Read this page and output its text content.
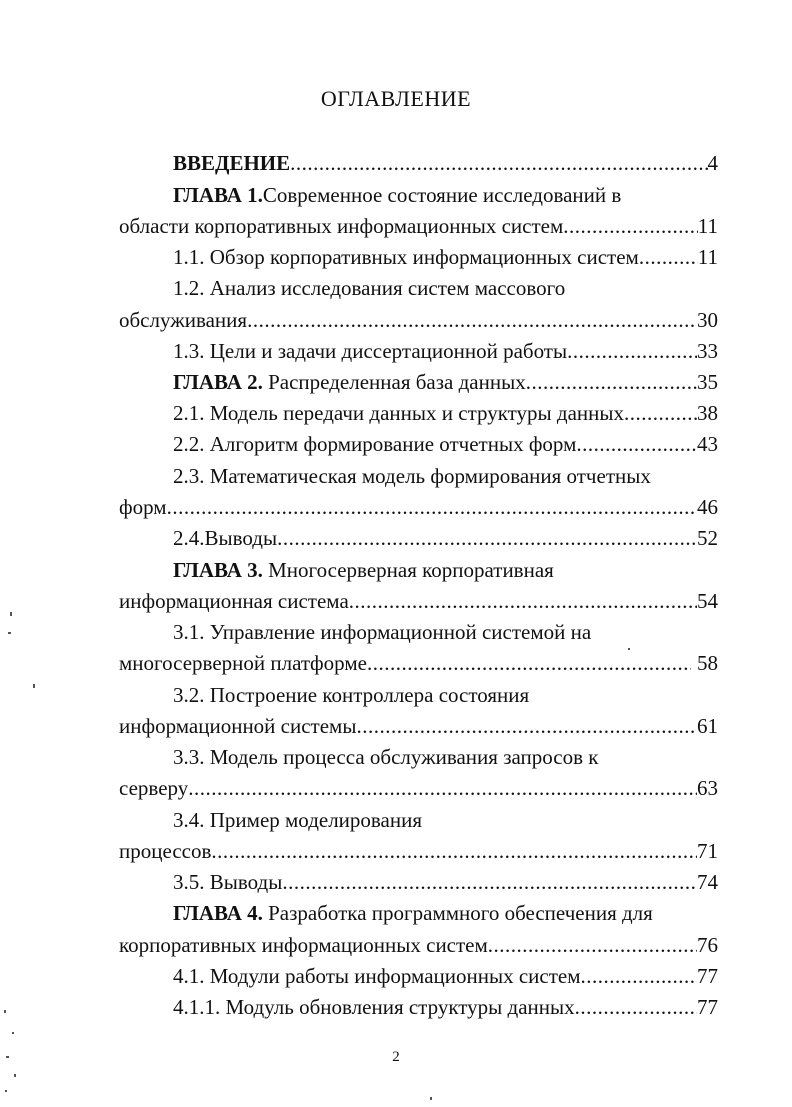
ОГЛАВЛЕНИЕ
ВВЕДЕНИЕ .....	4
ГЛАВА 1.Современное состояние исследований в
области корпоративных информационных систем .....	11
1.1. Обзор корпоративных информационных систем .....	11
1.2. Анализ исследования систем массового
обслуживания .....	30
1.3. Цели и задачи диссертационной работы .....	33
ГЛАВА 2. Распределенная база данных .....	35
2.1. Модель передачи данных и структуры данных .....	38
2.2. Алгоритм формирование отчетных форм .....	43
2.3. Математическая модель формирования отчетных
форм .....	46
2.4.Выводы .....	52
ГЛАВА 3. Многосерверная корпоративная
информационная система .....	54
3.1. Управление информационной системой на
многосерверной платформе .....	58
3.2. Построение контроллера состояния
информационной системы .....	61
3.3. Модель процесса обслуживания запросов к
серверу .....	63
3.4. Пример моделирования
процессов .....	71
3.5. Выводы .....	74
ГЛАВА 4. Разработка программного обеспечения для
корпоративных информационных систем .....	76
4.1. Модули работы информационных систем .....	77
4.1.1. Модуль обновления структуры данных .....	77
2
